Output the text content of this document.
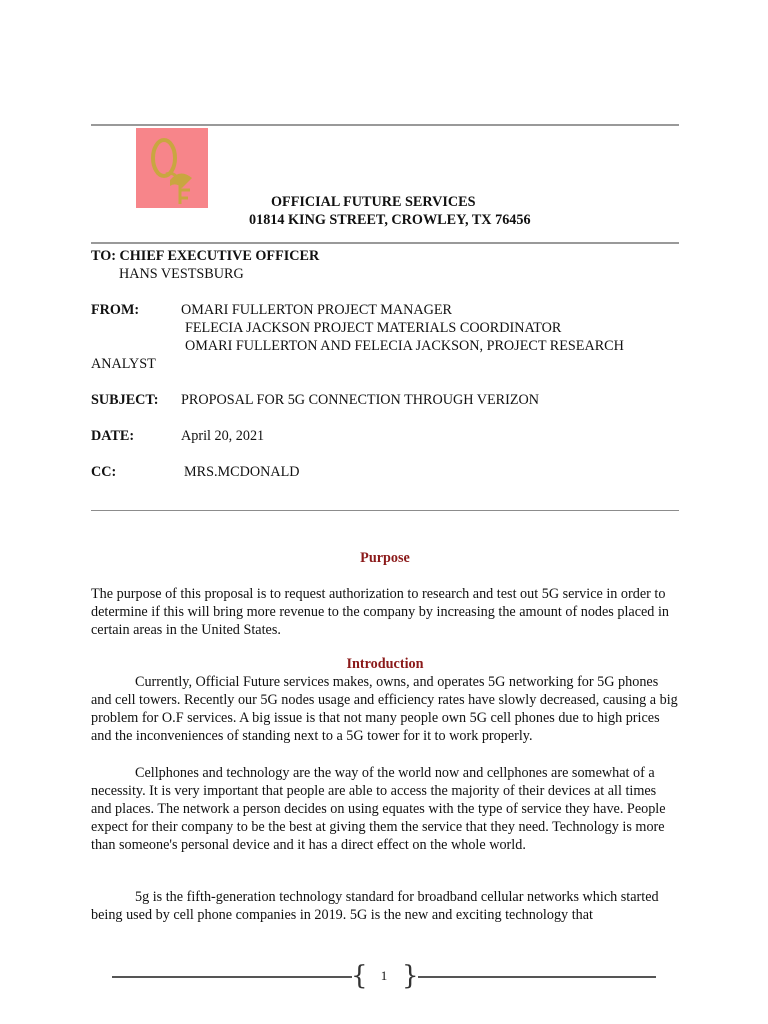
OFFICIAL FUTURE SERVICES
01814 KING STREET, CROWLEY, TX 76456
TO: CHIEF EXECUTIVE OFFICER
HANS VESTSBURG
FROM:	OMARI FULLERTON PROJECT MANAGER
FELECIA JACKSON PROJECT MATERIALS COORDINATOR
OMARI FULLERTON AND FELECIA JACKSON, PROJECT RESEARCH
ANALYST
SUBJECT: PROPOSAL FOR 5G CONNECTION THROUGH VERIZON
DATE:	April 20, 2021
CC:	MRS.MCDONALD
Purpose
The purpose of this proposal is to request authorization to research and test out 5G service in order to determine if this will bring more revenue to the company by increasing the amount of nodes placed in certain areas in the United States.
Introduction
Currently, Official Future services makes, owns, and operates 5G networking for 5G phones and cell towers. Recently our 5G nodes usage and efficiency rates have slowly decreased, causing a big problem for O.F services. A big issue is that not many people own 5G cell phones due to high prices and the inconveniences of standing next to a 5G tower for it to work properly.
Cellphones and technology are the way of the world now and cellphones are somewhat of a necessity. It is very important that people are able to access the majority of their devices at all times and places. The network a person decides on using equates with the type of service they have. People expect for their company to be the best at giving them the service that they need. Technology is more than someone's personal device and it has a direct effect on the whole world.
5g is the fifth-generation technology standard for broadband cellular networks which started being used by cell phone companies in 2019. 5G is the new and exciting technology that
{	1 }
